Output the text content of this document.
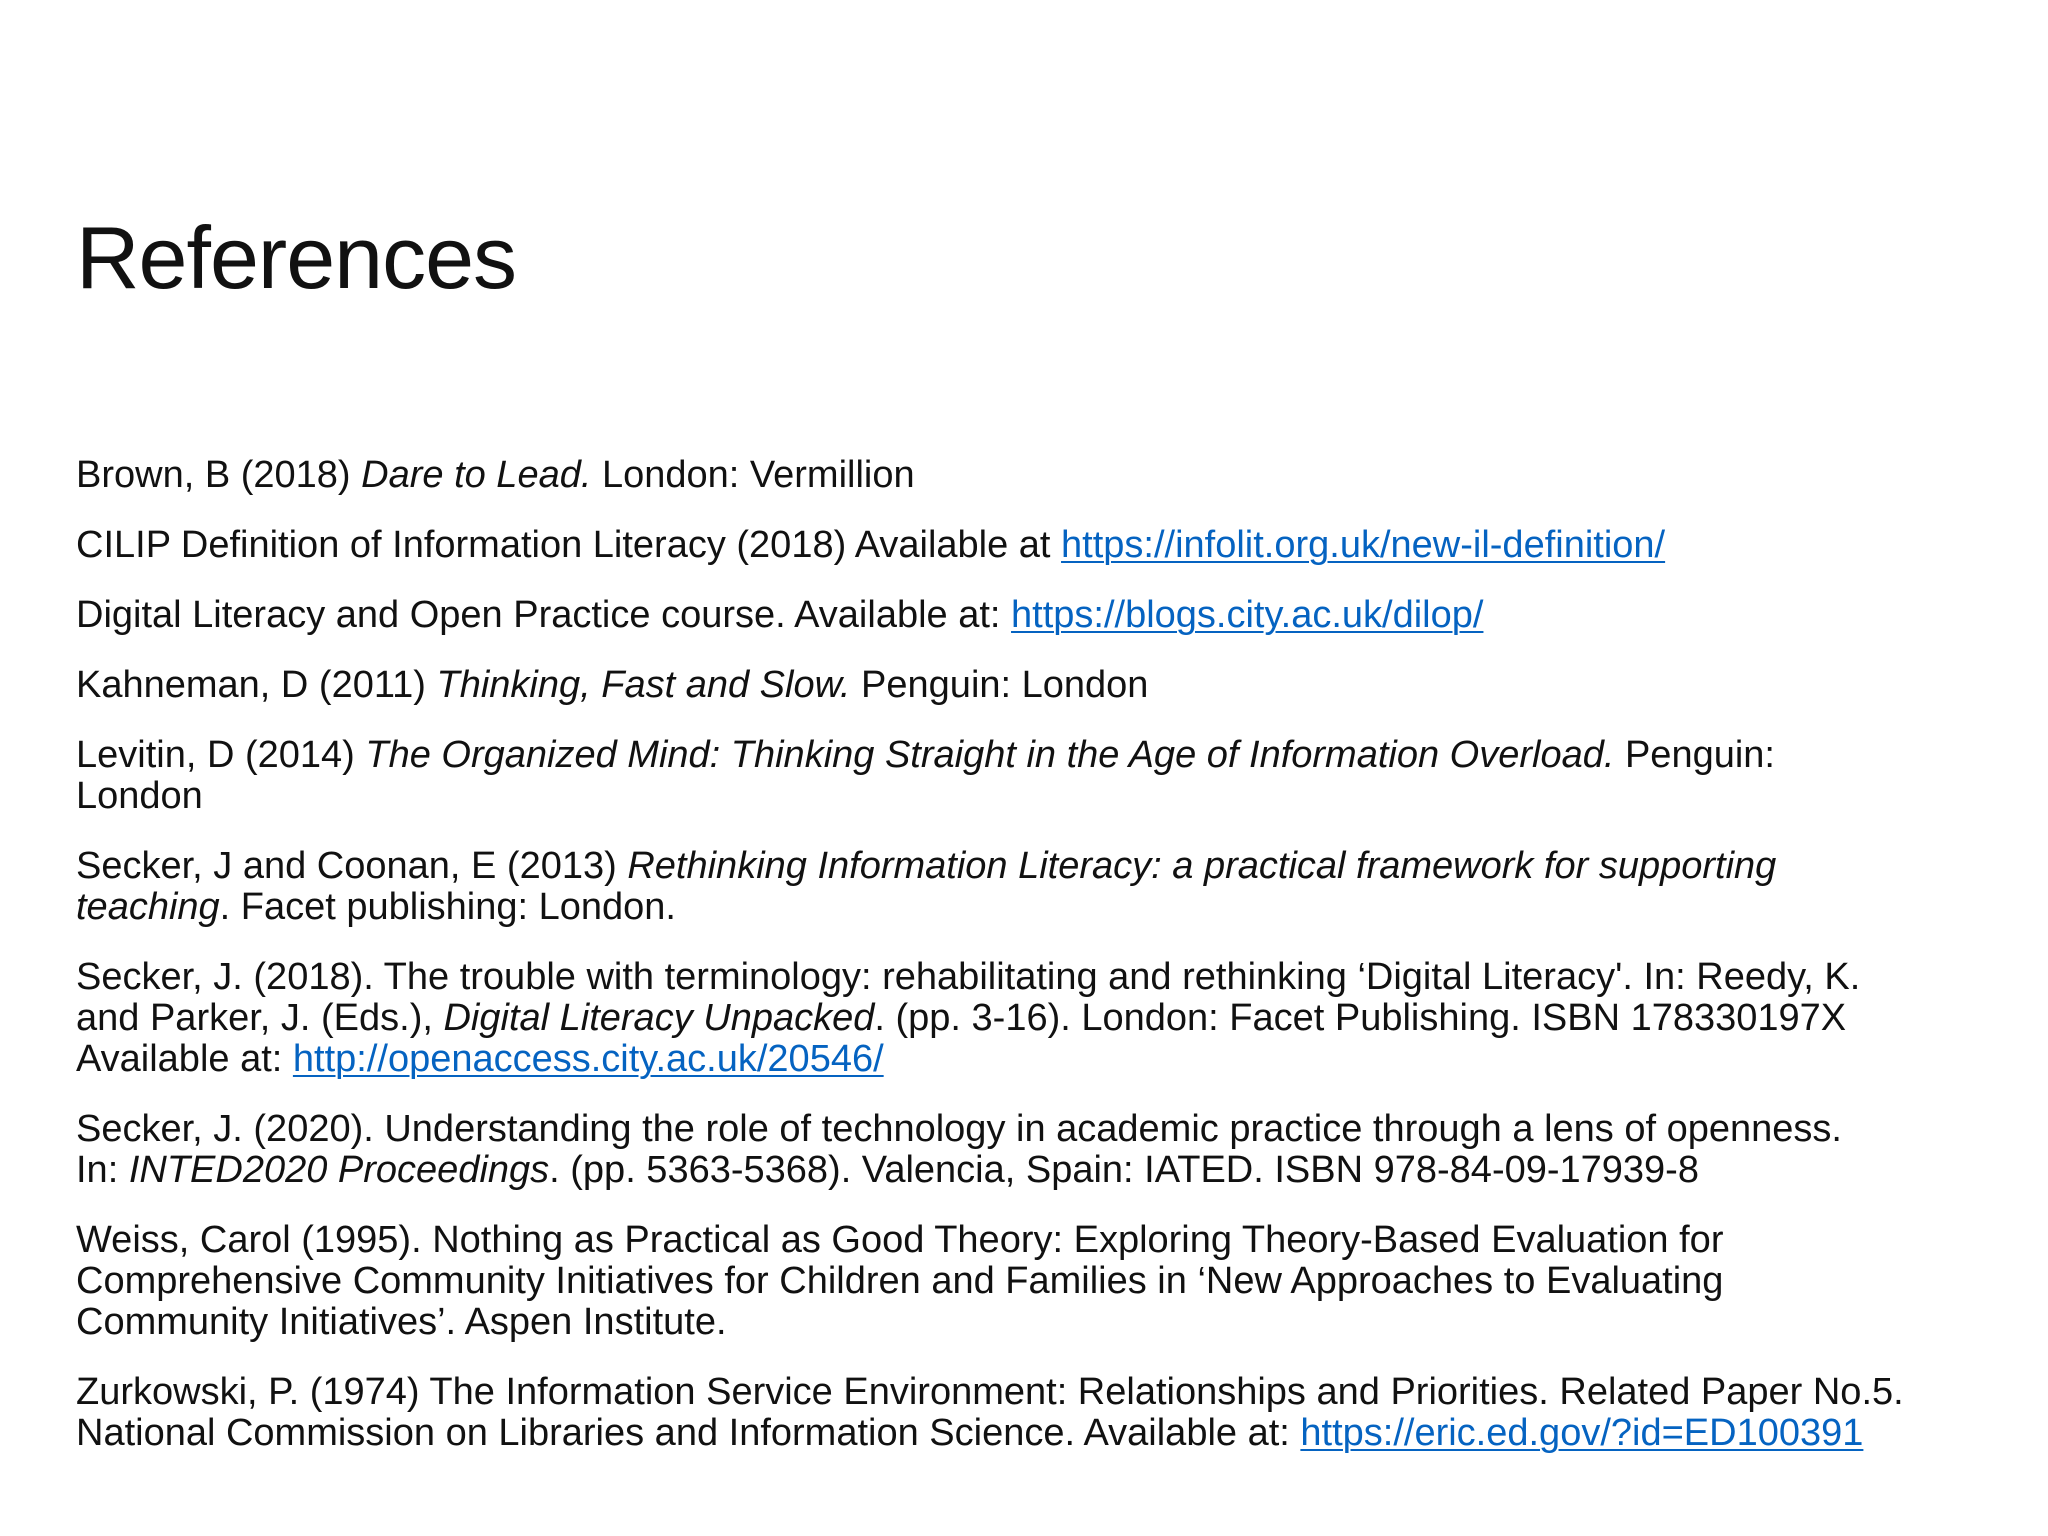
References
Brown, B (2018) Dare to Lead. London: Vermillion
CILIP Definition of Information Literacy (2018) Available at https://infolit.org.uk/new-il-definition/
Digital Literacy and Open Practice course. Available at: https://blogs.city.ac.uk/dilop/
Kahneman, D (2011) Thinking, Fast and Slow. Penguin: London
Levitin, D (2014) The Organized Mind: Thinking Straight in the Age of Information Overload. Penguin:
London
Secker, J and Coonan, E (2013) Rethinking Information Literacy: a practical framework for supporting
teaching. Facet publishing: London.
Secker, J. (2018). The trouble with terminology: rehabilitating and rethinking ‘Digital Literacy'. In: Reedy, K.
and Parker, J. (Eds.), Digital Literacy Unpacked. (pp. 3-16). London: Facet Publishing. ISBN 178330197X
Available at: http://openaccess.city.ac.uk/20546/
Secker, J. (2020). Understanding the role of technology in academic practice through a lens of openness.
In: INTED2020 Proceedings. (pp. 5363-5368). Valencia, Spain: IATED. ISBN 978-84-09-17939-8
Weiss, Carol (1995). Nothing as Practical as Good Theory: Exploring Theory-Based Evaluation for
Comprehensive Community Initiatives for Children and Families in ‘New Approaches to Evaluating
Community Initiatives’. Aspen Institute.
Zurkowski, P. (1974) The Information Service Environment: Relationships and Priorities. Related Paper No.5.
National Commission on Libraries and Information Science. Available at: https://eric.ed.gov/?id=ED100391
